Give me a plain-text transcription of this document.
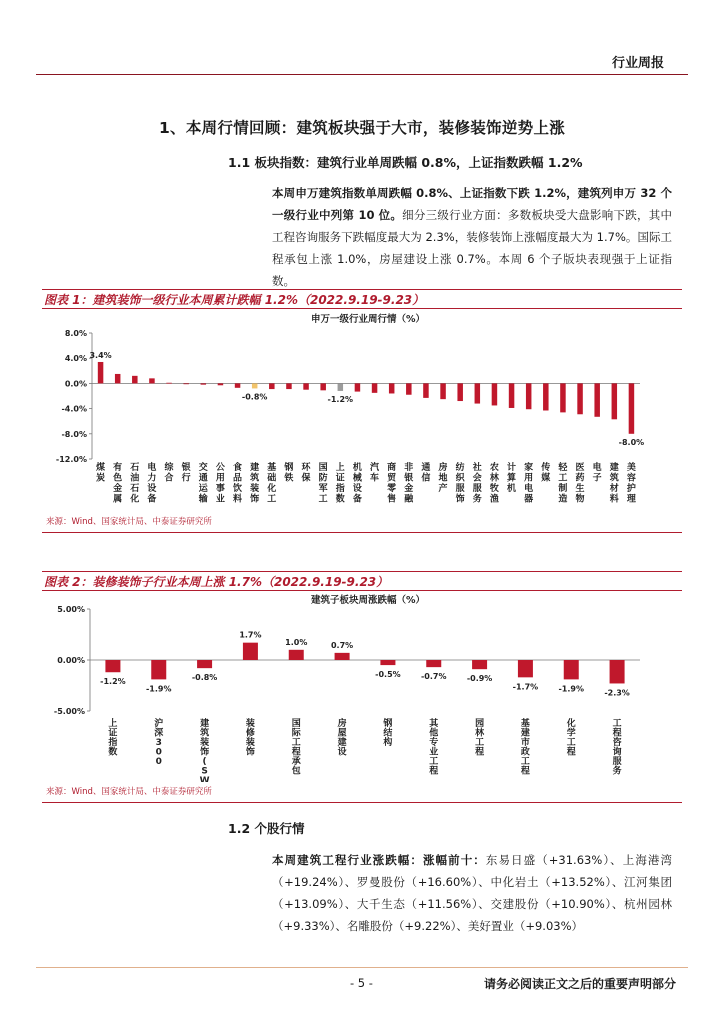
行业周报
1、本周行情回顾：建筑板块强于大市，装修装饰逆势上涨
1.1 板块指数：建筑行业单周跌幅 0.8%，上证指数跌幅 1.2%
本周申万建筑指数单周跌幅 0.8%、上证指数下跌 1.2%，建筑列申万 32 个一级行业中列第 10 位。细分三级行业方面：多数板块受大盘影响下跌，其中工程咨询服务下跌幅度最大为 2.3%，装修装饰上涨幅度最大为 1.7%。国际工程承包上涨 1.0%，房屋建设上涨 0.7%。本周 6 个子版块表现强于上证指数。
图表 1：建筑装饰一级行业本周累计跌幅 1.2%（2022.9.19-9.23）
申万一级行业周行情（%）
8.0%
4.0%
0.0%
-4.0%
-8.0%
-12.0%
3.4%
煤
炭
有
色
金
属
石
油
石
化
电
力
设
备
综
合
银
行
交
通
运
输
公
用
事
业
食
品
饮
料
-0.8%
建
筑
装
饰
基
础
化
工
钢
铁
环
保
国
防
军
工
-1.2%
上
证
指
数
机
械
设
备
汽
车
商
贸
零
售
非
银
金
融
通
信
房
地
产
纺
织
服
饰
社
会
服
务
农
林
牧
渔
计
算
机
家
用
电
器
传
媒
轻
工
制
造
医
药
生
物
电
子
建
筑
材
料
-8.0%
美
容
护
理
来源：Wind、国家统计局、中泰证券研究所
图表 2：装修装饰子行业本周上涨 1.7%（2022.9.19-9.23）
建筑子板块周涨跌幅（%）
5.00%
0.00%
-5.00%
-1.2%
上
证
指
数
-1.9%
沪
深
3
0
0
-0.8%
建
筑
装
饰
(
S
W
1.7%
装
修
装
饰
1.0%
国
际
工
程
承
包
0.7%
房
屋
建
设
-0.5%
钢
结
构
-0.7%
其
他
专
业
工
程
-0.9%
园
林
工
程
-1.7%
基
建
市
政
工
程
-1.9%
化
学
工
程
-2.3%
工
程
咨
询
服
务
来源：Wind、国家统计局、中泰证券研究所
1.2 个股行情
本周建筑工程行业涨跌幅：涨幅前十：东易日盛（+31.63%）、上海港湾（+19.24%）、罗曼股份（+16.60%）、中化岩土（+13.52%）、江河集团（+13.09%）、大千生态（+11.56%）、交建股份（+10.90%）、杭州园林（+9.33%）、名雕股份（+9.22%）、美好置业（+9.03%）
- 5 -	请务必阅读正文之后的重要声明部分
